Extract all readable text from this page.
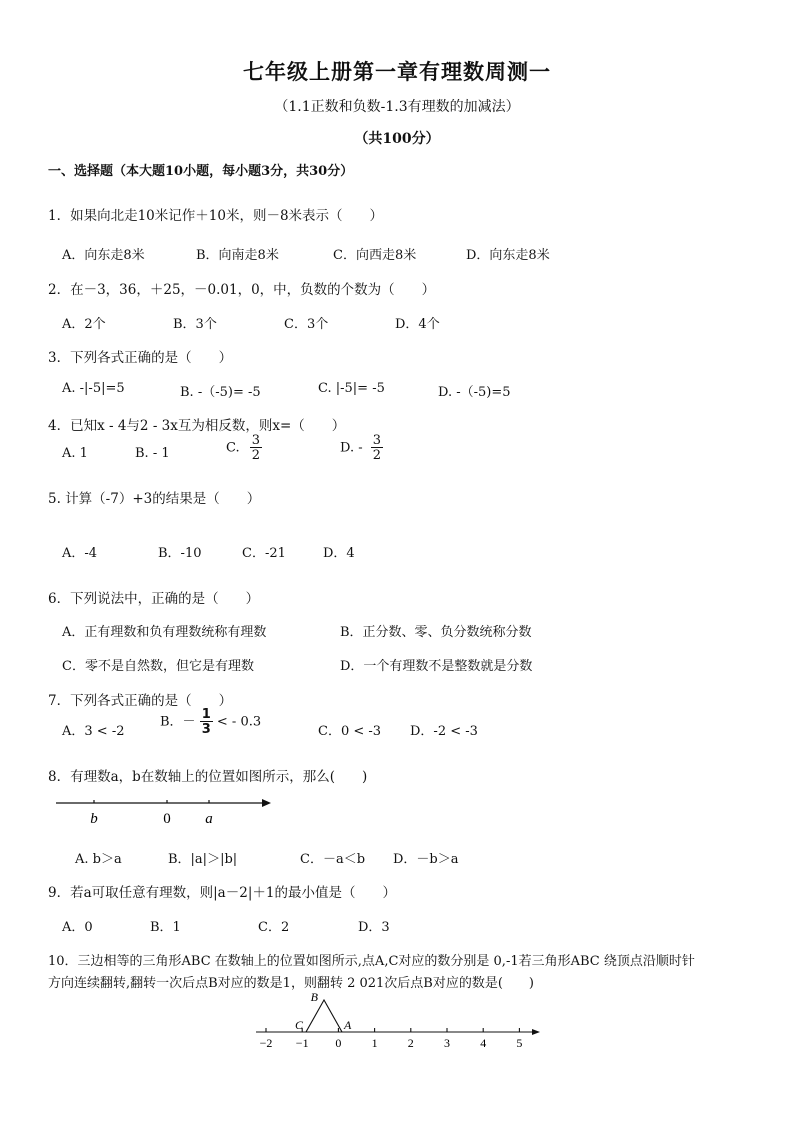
七年级上册第一章有理数周测一
（1.1正数和负数-1.3有理数的加减法）
（共100分）
一、选择题（本大题10小题，每小题3分，共30分）
1．如果向北走10米记作＋10米，则－8米表示（　　）
A．向东走8米	B．向南走8米	C．向西走8米	D．向东走8米
2．在－3，36，＋25，－0.01，0，中，负数的个数为（　　）
A．2个	B．3个	C．3个	D．4个
3．下列各式正确的是（　　）
A. -|-5|=5	B. -（-5)= -5	C. |-5|= -5	D. -（-5)=5
4．已知x - 4与2 - 3x互为相反数，则x=（　　）
A. 1	B. - 1	C. $\frac{3}{2}$	D. - $\frac{3}{2}$
5. 计算（-7）+3的结果是（　　）
A．-4	B．-10	C．-21	D．4
6．下列说法中，正确的是（　　）
A．正有理数和负有理数统称有理数	B．正分数、零、负分数统称分数
C．零不是自然数，但它是有理数	D．一个有理数不是整数就是分数
7．下列各式正确的是（　　）
A．3 < -2
B．－ $\frac{1}{3}$ < - 0.3
C．0 < -3 D．-2 < -3
8．有理数a，b在数轴上的位置如图所示，那么(　　)
b	0 a
A. b＞a	B．|a|＞|b|	C．－a＜b D．－b＞a
9．若a可取任意有理数，则|a－2|＋1的最小值是（　　）
A．0	B．1	C．2	D．3
10．三边相等的三角形ABC 在数轴上的位置如图所示,点A,C对应的数分别是 0,-1若三角形ABC 绕顶点沿顺时针
方向连续翻转,翻转一次后点B对应的数是1，则翻转 2 021次后点B对应的数是(　　)
B
C	A
−2 −1 0	1	2	3	4	5
